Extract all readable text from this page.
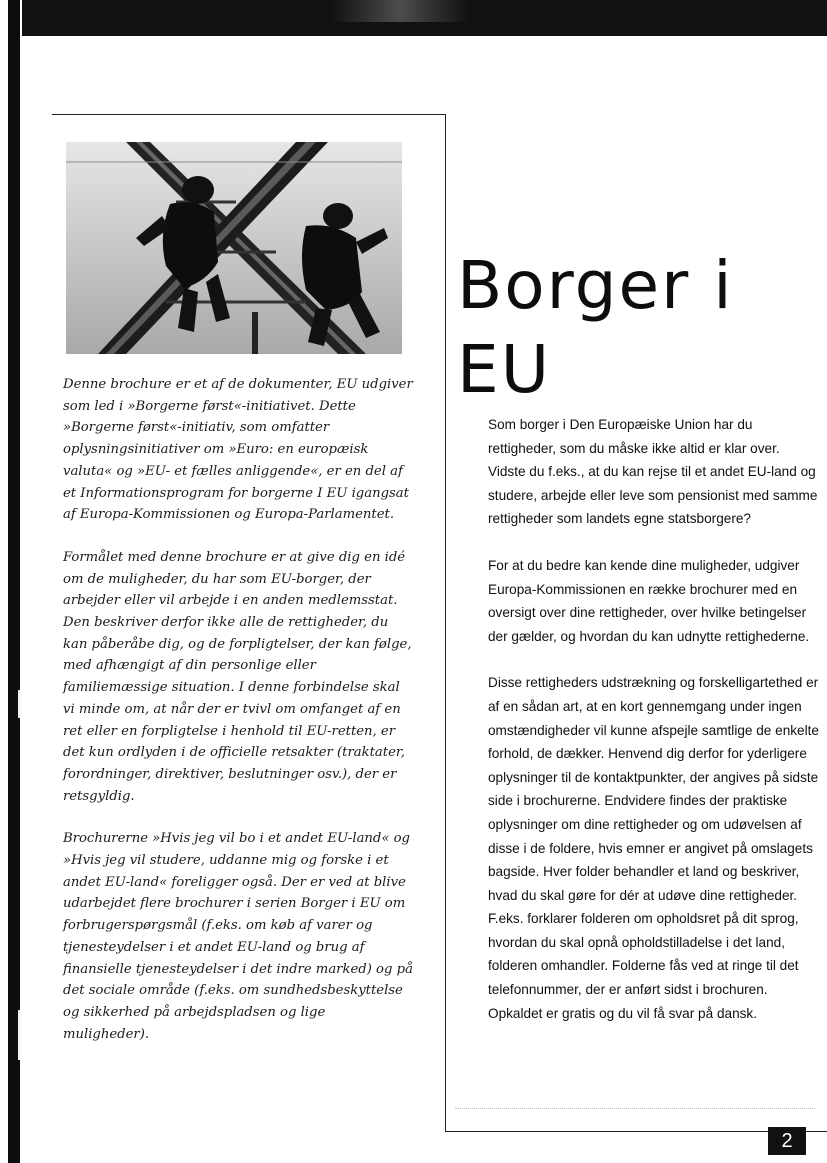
Denne brochure er et af de dokumenter, EU udgiver som led i »Borgerne først«-initiativet. Dette »Borgerne først«-initiativ, som omfatter oplysningsinitiativer om »Euro: en europæisk valuta« og »EU- et fælles anliggende«, er en del af et Informationsprogram for borgerne I EU igangsat af Europa-Kommissionen og Europa-Parlamentet.

Formålet med denne brochure er at give dig en idé om de muligheder, du har som EU-borger, der arbejder eller vil arbejde i en anden medlemsstat. Den beskriver derfor ikke alle de rettigheder, du kan påberåbe dig, og de forpligtelser, der kan følge, med afhængigt af din personlige eller familiemæssige situation. I denne forbindelse skal vi minde om, at når der er tvivl om omfanget af en ret eller en forpligtelse i henhold til EU-retten, er det kun ordlyden i de officielle retsakter (traktater, forordninger, direktiver, beslutninger osv.), der er retsgyldig.

Brochurerne »Hvis jeg vil bo i et andet EU-land« og »Hvis jeg vil studere, uddanne mig og forske i et andet EU-land« foreligger også. Der er ved at blive udarbejdet flere brochurer i serien Borger i EU om forbrugerspørgsmål (f.eks. om køb af varer og tjenesteydelser i et andet EU-land og brug af finansielle tjenesteydelser i det indre marked) og på det sociale område (f.eks. om sundhedsbeskyttelse og sikkerhed på arbejdspladsen og lige muligheder).

Borger i
EU

Som borger i Den Europæiske Union har du rettigheder, som du måske ikke altid er klar over. Vidste du f.eks., at du kan rejse til et andet EU-land og studere, arbejde eller leve som pensionist med samme rettigheder som landets egne statsborgere?

For at du bedre kan kende dine muligheder, udgiver Europa-Kommissionen en række brochurer med en oversigt over dine rettigheder, over hvilke betingelser der gælder, og hvordan du kan udnytte rettighederne.

Disse rettigheders udstrækning og forskelligartethed er af en sådan art, at en kort gennemgang under ingen omstændigheder vil kunne afspejle samtlige de enkelte forhold, de dækker. Henvend dig derfor for yderligere oplysninger til de kontaktpunkter, der angives på sidste side i brochurerne. Endvidere findes der praktiske oplysninger om dine rettigheder og om udøvelsen af disse i de foldere, hvis emner er angivet på omslagets bagside. Hver folder behandler et land og beskriver, hvad du skal gøre for dér at udøve dine rettigheder. F.eks. forklarer folderen om opholdsret på dit sprog, hvordan du skal opnå opholdstilladelse i det land, folderen omhandler. Folderne fås ved at ringe til det telefonnummer, der er anført sidst i brochuren. Opkaldet er gratis og du vil få svar på dansk.

2
